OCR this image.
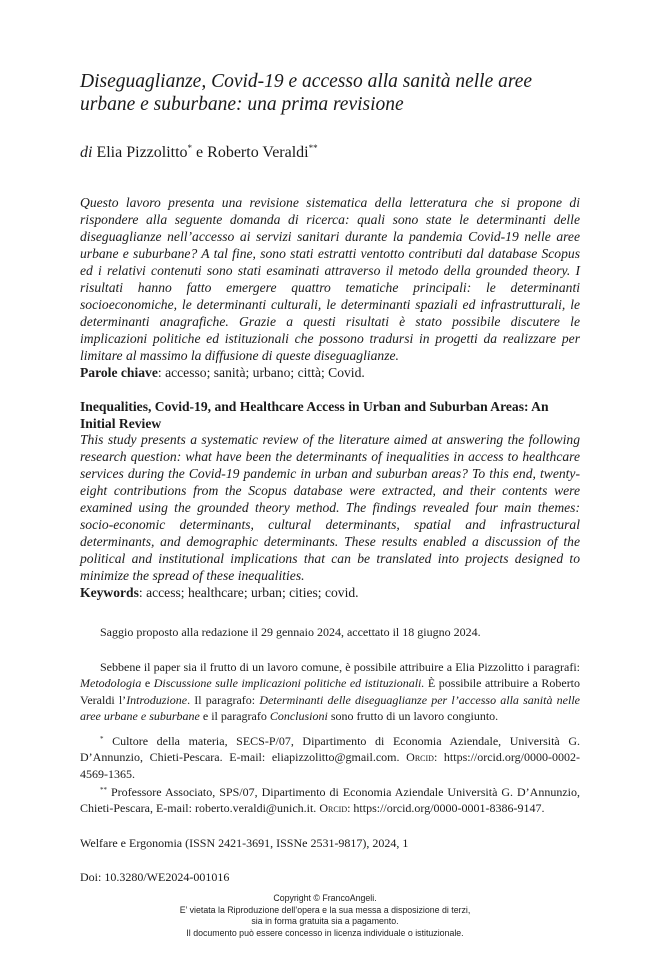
Diseguaglianze, Covid-19 e accesso alla sanità nelle aree
urbane e suburbane: una prima revisione
di Elia Pizzolitto* e Roberto Veraldi**

Questo lavoro presenta una revisione sistematica della letteratura che si propone di rispondere alla seguente domanda di ricerca: quali sono state le determinanti delle diseguaglianze nell’accesso ai servizi sanitari durante la pandemia Covid-19 nelle aree urbane e suburbane? A tal fine, sono stati estratti ventotto contributi dal database Scopus ed i relativi contenuti sono stati esaminati attraverso il metodo della grounded theory. I risultati hanno fatto emergere quattro tematiche principali: le determinanti socioeconomiche, le determinanti culturali, le determinanti spaziali ed infrastrutturali, le determinanti anagrafiche. Grazie a questi risultati è stato possibile discutere le implicazioni politiche ed istituzionali che possono tradursi in progetti da realizzare per limitare al massimo la diffusione di queste diseguaglianze.
Parole chiave: accesso; sanità; urbano; città; Covid.

Inequalities, Covid-19, and Healthcare Access in Urban and Suburban Areas: An Initial Review

This study presents a systematic review of the literature aimed at answering the following research question: what have been the determinants of inequalities in access to healthcare services during the Covid-19 pandemic in urban and suburban areas? To this end, twenty-eight contributions from the Scopus database were extracted, and their contents were examined using the grounded theory method. The findings revealed four main themes: socio-economic determinants, cultural determinants, spatial and infrastructural determinants, and demographic determinants. These results enabled a discussion of the political and institutional implications that can be translated into projects designed to minimize the spread of these inequalities.
Keywords: access; healthcare; urban; cities; covid.

Saggio proposto alla redazione il 29 gennaio 2024, accettato il 18 giugno 2024.

Sebbene il paper sia il frutto di un lavoro comune, è possibile attribuire a Elia Pizzolitto i paragrafi: Metodologia e Discussione sulle implicazioni politiche ed istituzionali. È possibile attribuire a Roberto Veraldi l’Introduzione. Il paragrafo: Determinanti delle diseguaglianze per l’accesso alla sanità nelle aree urbane e suburbane e il paragrafo Conclusioni sono frutto di un lavoro congiunto.

* Cultore della materia, SECS-P/07, Dipartimento di Economia Aziendale, Università G. D’Annunzio, Chieti-Pescara. E-mail: eliapizzolitto@gmail.com. Orcid: https://orcid.org/0000-0002-4569-1365.

** Professore Associato, SPS/07, Dipartimento di Economia Aziendale Università G. D’Annunzio, Chieti-Pescara, E-mail: roberto.veraldi@unich.it. Orcid: https://orcid.org/0000-0001-8386-9147.

Welfare e Ergonomia (ISSN 2421-3691, ISSNe 2531-9817), 2024, 1
Doi: 10.3280/WE2024-001016
Copyright © FrancoAngeli.
E’ vietata la Riproduzione dell’opera e la sua messa a disposizione di terzi,
sia in forma gratuita sia a pagamento.
Il documento può essere concesso in licenza individuale o istituzionale.
